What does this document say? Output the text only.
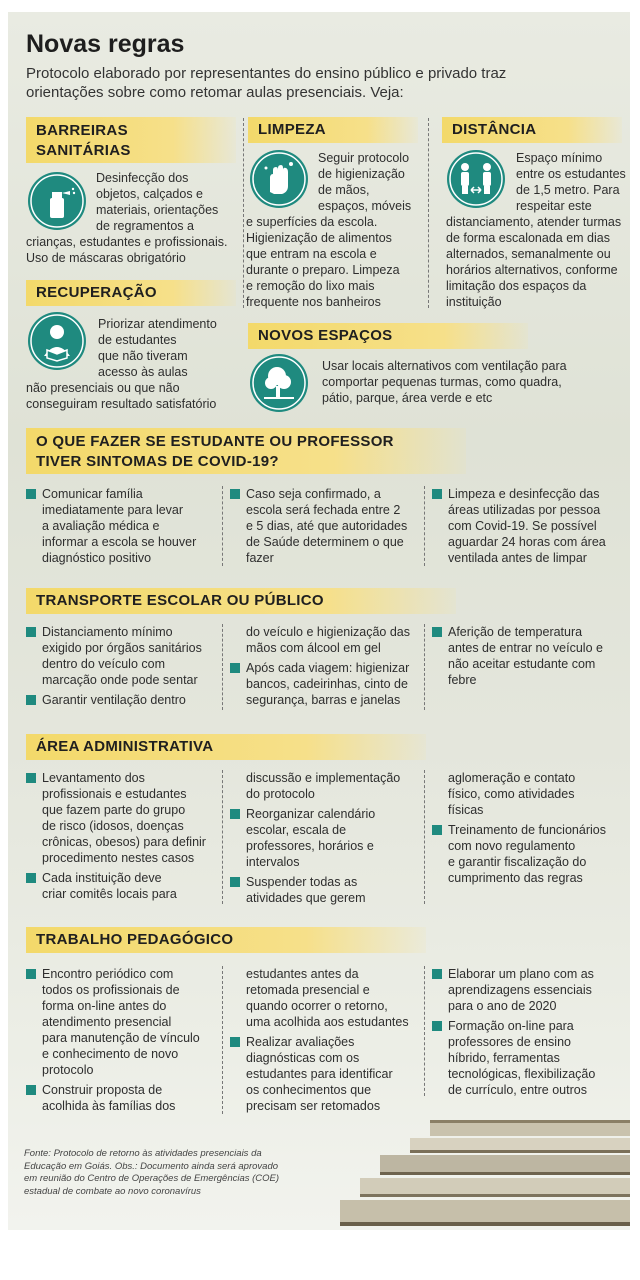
Novas regras
Protocolo elaborado por representantes do ensino público e privado traz orientações sobre como retomar aulas presenciais. Veja:
BARREIRAS
SANITÁRIAS
Desinfecção dos
objetos, calçados e
materiais, orientações
de regramentos a
crianças, estudantes e profissionais.
Uso de máscaras obrigatório
RECUPERAÇÃO
Priorizar atendimento
de estudantes
que não tiveram
acesso às aulas
não presenciais ou que não
conseguiram resultado satisfatório
LIMPEZA
Seguir protocolo
de higienização
de mãos,
espaços, móveis
e superfícies da escola.
Higienização de alimentos
que entram na escola e
durante o preparo. Limpeza
e remoção do lixo mais
frequente nos banheiros
DISTÂNCIA
Espaço mínimo
entre os estudantes
de 1,5 metro. Para
respeitar este
distanciamento, atender turmas
de forma escalonada em dias
alternados, semanalmente ou
horários alternativos, conforme
limitação dos espaços da
instituição
NOVOS ESPAÇOS
Usar locais alternativos com ventilação para
comportar pequenas turmas, como quadra,
pátio, parque, área verde e etc
O QUE FAZER SE ESTUDANTE OU PROFESSOR
TIVER SINTOMAS DE COVID-19?
Comunicar família
imediatamente para levar
a avaliação médica e
informar a escola se houver
diagnóstico positivo
Caso seja confirmado, a
escola será fechada entre 2
e 5 dias, até que autoridades
de Saúde determinem o que
fazer
Limpeza e desinfecção das
áreas utilizadas por pessoa
com Covid-19. Se possível
aguardar 24 horas com área
ventilada antes de limpar
TRANSPORTE ESCOLAR OU PÚBLICO
Distanciamento mínimo
exigido por órgãos sanitários
dentro do veículo com
marcação onde pode sentar
Garantir ventilação dentro
do veículo e higienização das
mãos com álcool em gel
Após cada viagem: higienizar
bancos, cadeirinhas, cinto de
segurança, barras e janelas
Aferição de temperatura
antes de entrar no veículo e
não aceitar estudante com
febre
ÁREA ADMINISTRATIVA
Levantamento dos
profissionais e estudantes
que fazem parte do grupo
de risco (idosos, doenças
crônicas, obesos) para definir
procedimento nestes casos
Cada instituição deve
criar comitês locais para
discussão e implementação
do protocolo
Reorganizar calendário
escolar, escala de
professores, horários e
intervalos
Suspender todas as
atividades que gerem
aglomeração e contato
físico, como atividades
físicas
Treinamento de funcionários
com novo regulamento
e garantir fiscalização do
cumprimento das regras
TRABALHO PEDAGÓGICO
Encontro periódico com
todos os profissionais de
forma on-line antes do
atendimento presencial
para manutenção de vínculo
e conhecimento de novo
protocolo
Construir proposta de
acolhida às famílias dos
estudantes antes da
retomada presencial e
quando ocorrer o retorno,
uma acolhida aos estudantes
Realizar avaliações
diagnósticas com os
estudantes para identificar
os conhecimentos que
precisam ser retomados
Elaborar um plano com as
aprendizagens essenciais
para o ano de 2020
Formação on-line para
professores de ensino
híbrido, ferramentas
tecnológicas, flexibilização
de currículo, entre outros
Fonte: Protocolo de retorno às atividades presenciais da
Educação em Goiás. Obs.: Documento ainda será aprovado
em reunião do Centro de Operações de Emergências (COE)
estadual de combate ao novo coronavírus
